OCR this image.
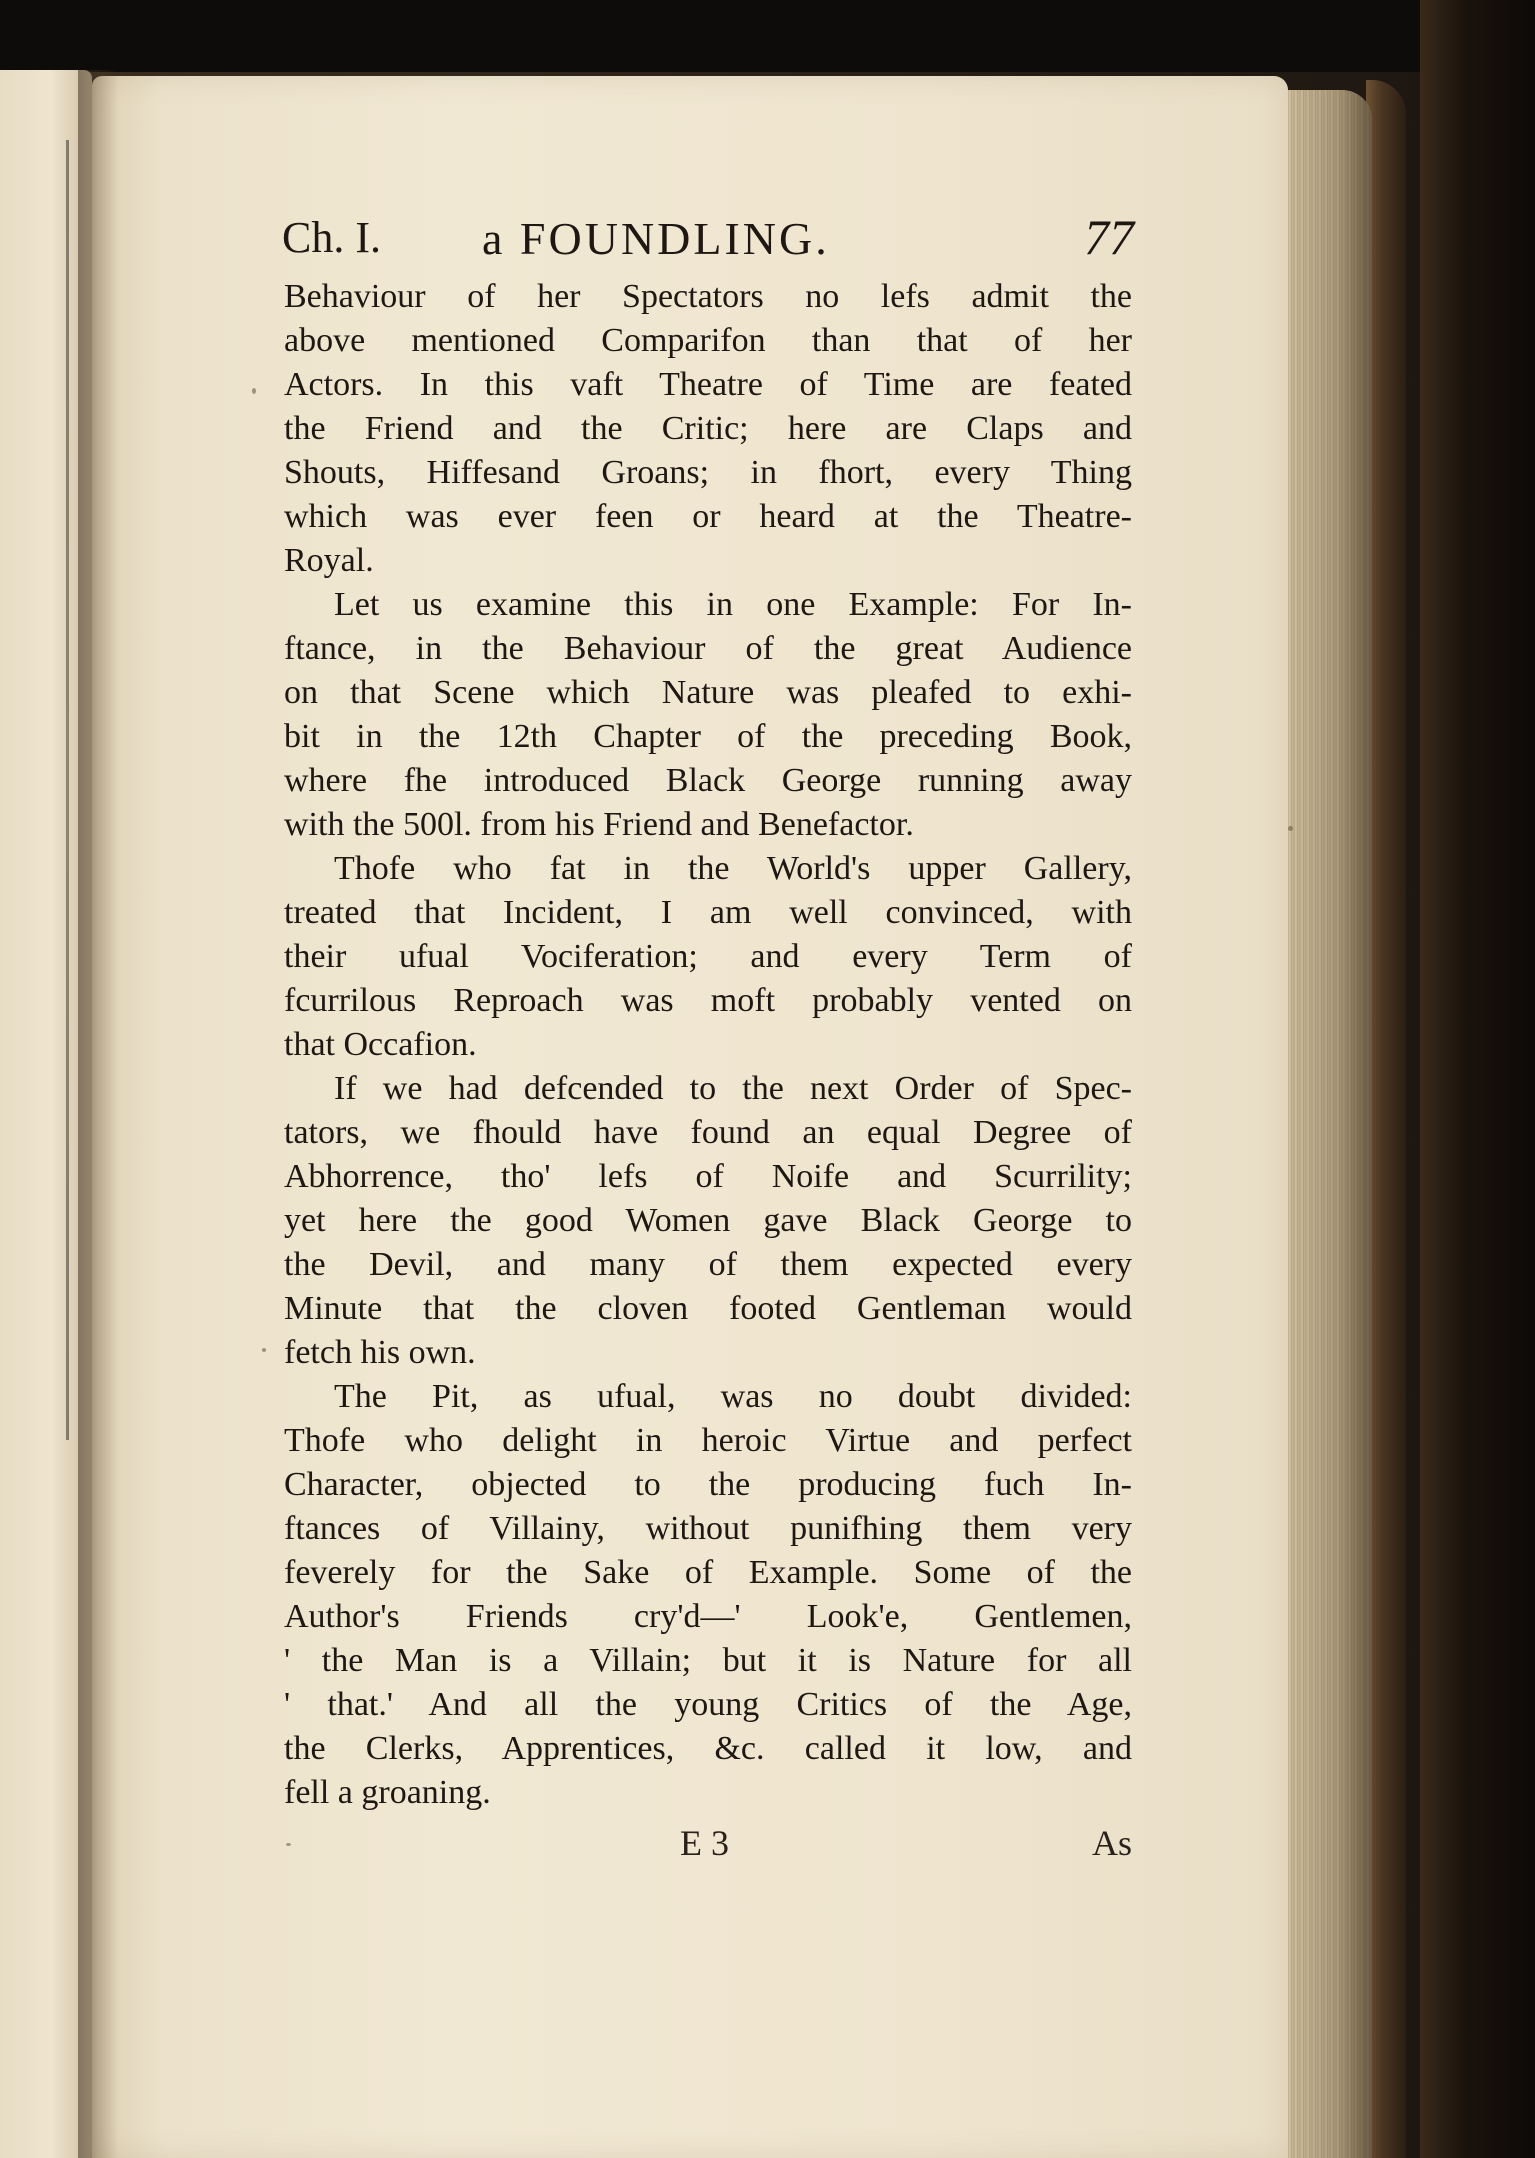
Ch. I. a FOUNDLING.	77
Behaviour of her Spectators no lefs admit the
above mentioned Comparifon than that of her
Actors. In this vaft Theatre of Time are feated
the Friend and the Critic; here are Claps and
Shouts, Hiffesand Groans; in fhort, every Thing
which was ever feen or heard at the Theatre-
Royal.
Let us examine this in one Example: For In-
ftance, in the Behaviour of the great Audience
on that Scene which Nature was pleafed to exhi-
bit in the 12th Chapter of the preceding Book,
where fhe introduced Black George running away
with the 500l. from his Friend and Benefactor.
Thofe who fat in the World's upper Gallery,
treated that Incident, I am well convinced, with
their ufual Vociferation; and every Term of
fcurrilous Reproach was moft probably vented on
that Occafion.
If we had defcended to the next Order of Spec-
tators, we fhould have found an equal Degree of
Abhorrence, tho' lefs of Noife and Scurrility;
yet here the good Women gave Black George to
the Devil, and many of them expected every
Minute that the cloven footed Gentleman would
fetch his own.
The Pit, as ufual, was no doubt divided:
Thofe who delight in heroic Virtue and perfect
Character, objected to the producing fuch In-
ftances of Villainy, without punifhing them very
feverely for the Sake of Example. Some of the
Author's Friends cry'd—' Look'e, Gentlemen,
' the Man is a Villain; but it is Nature for all
' that.' And all the young Critics of the Age,
the Clerks, Apprentices, &c. called it low, and
fell a groaning.
E 3	As
